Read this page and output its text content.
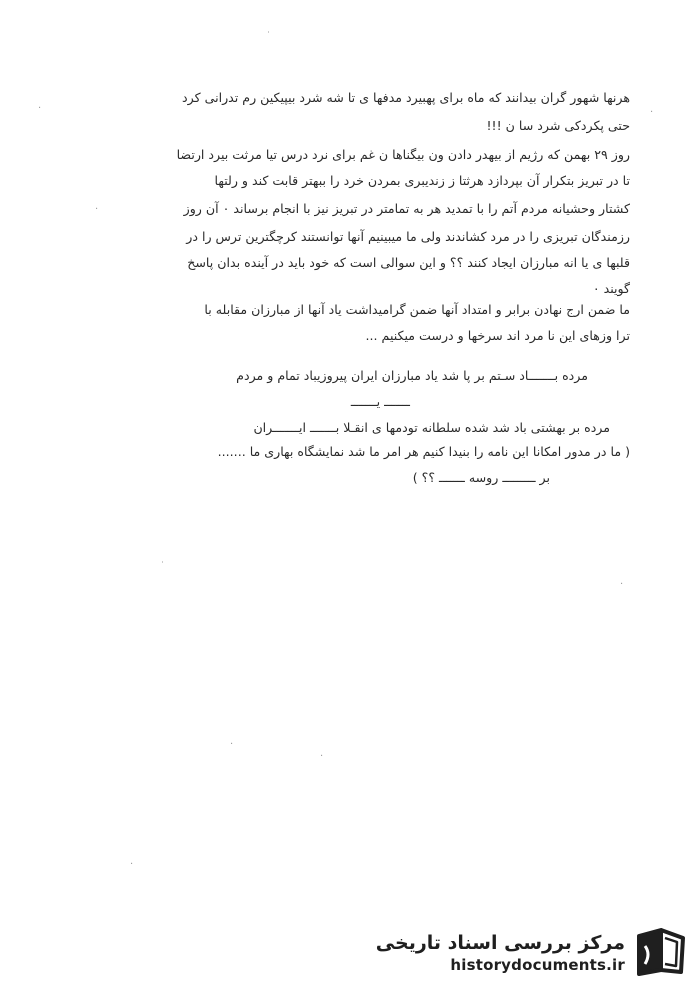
˙
·	·
·
·
˙
·
·
·
هرنها شهور گران بیدانند که ماه برای پهبیرد مدفها ی تا شه شرد بیپیکین رم تدرانی کرد
حتی پکردکی شرد سا ن !!!
روز ۲۹ بهمن که رژیم از بیهدر دادن ون بیگناها ن غم برای نرد درس تیا مرثت بیرد ارتضا
تا در تبریز بتکرار آن بپردازد هرثتا ز زندیبری بمردن خرد را ببهتر قابت کند و رلتها
کشتار وحشیانه مردم آتم را با تمدید هر به تمامتر در تبریز نیز با انجام برساند ۰ آن روز
رزمندگان تبریزی را در مرد کشاندند ولی ما میبینیم آنها توانستند کرچگترین ترس را در
قلبها ی یا انه مبارزان ایجاد کنند ؟؟ و این سوالی است که خود باید در آینده بدان پاسخ
گویند ۰
ما ضمن ارج نهادن برابر و امتداد آنها ضمن گرامیداشت یاد آنها از مبارزان مقابله با
ترا وزهای این نا مرد اند سرخها و درست میکنیم ...
مرده بـــــــاد سـتم بر پا شد یاد مبارزان ایران پیروزیباد تمام و مردم
ـــــــ یـــــــ
مرده بر بهشتی باد شد شده سلطانه تودمها ی انقـلا بـــــــ ایـــــــران
( ما در مدور امکانا این نامه را بنیدا کنیم هر امر ما شد نمایشگاه بهاری ما .......
بر ـــــــــ روسه ـــــــ ؟؟ )
مرکز بررسی اسناد تاریخی
historydocuments.ir
